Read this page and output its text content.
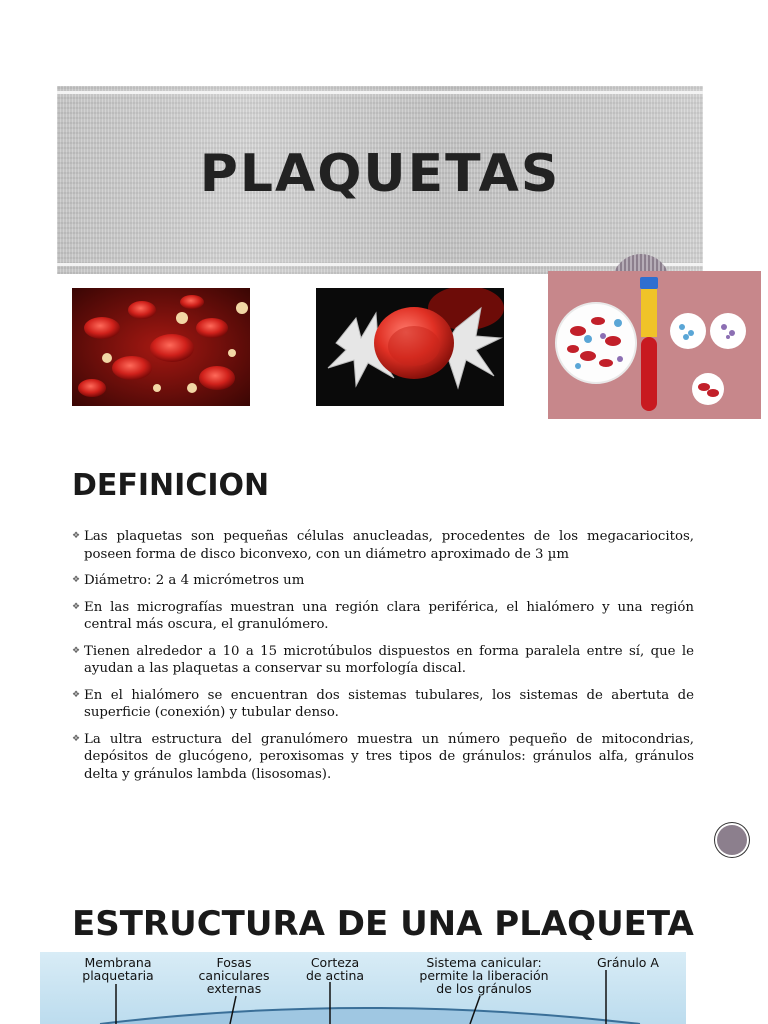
PLAQUETAS
DEFINICION
❖ Las plaquetas son pequeñas células anucleadas, procedentes de los megacariocitos, poseen forma de disco biconvexo, con un diámetro aproximado de 3 µm
❖ Diámetro: 2 a 4 micrómetros um
❖ En las micrografías muestran una región clara periférica, el hialómero y una región central más oscura, el granulómero.
❖ Tienen alrededor a 10 a 15 microtúbulos dispuestos en forma paralela entre sí, que le ayudan a las plaquetas a conservar su morfología discal.
❖ En el hialómero se encuentran dos sistemas tubulares, los sistemas de abertuta de superficie (conexión) y tubular denso.
❖ La ultra estructura del granulómero muestra un número pequeño de mitocondrias, depósitos de glucógeno, peroxisomas y tres tipos de gránulos: gránulos alfa, gránulos delta y gránulos lambda (lisosomas).
ESTRUCTURA DE UNA PLAQUETA
Membrana
plaquetaria
Fosas
caniculares
externas
Corteza
de actina
Sistema canicular:
permite la liberación
de los gránulos
Gránulo A
